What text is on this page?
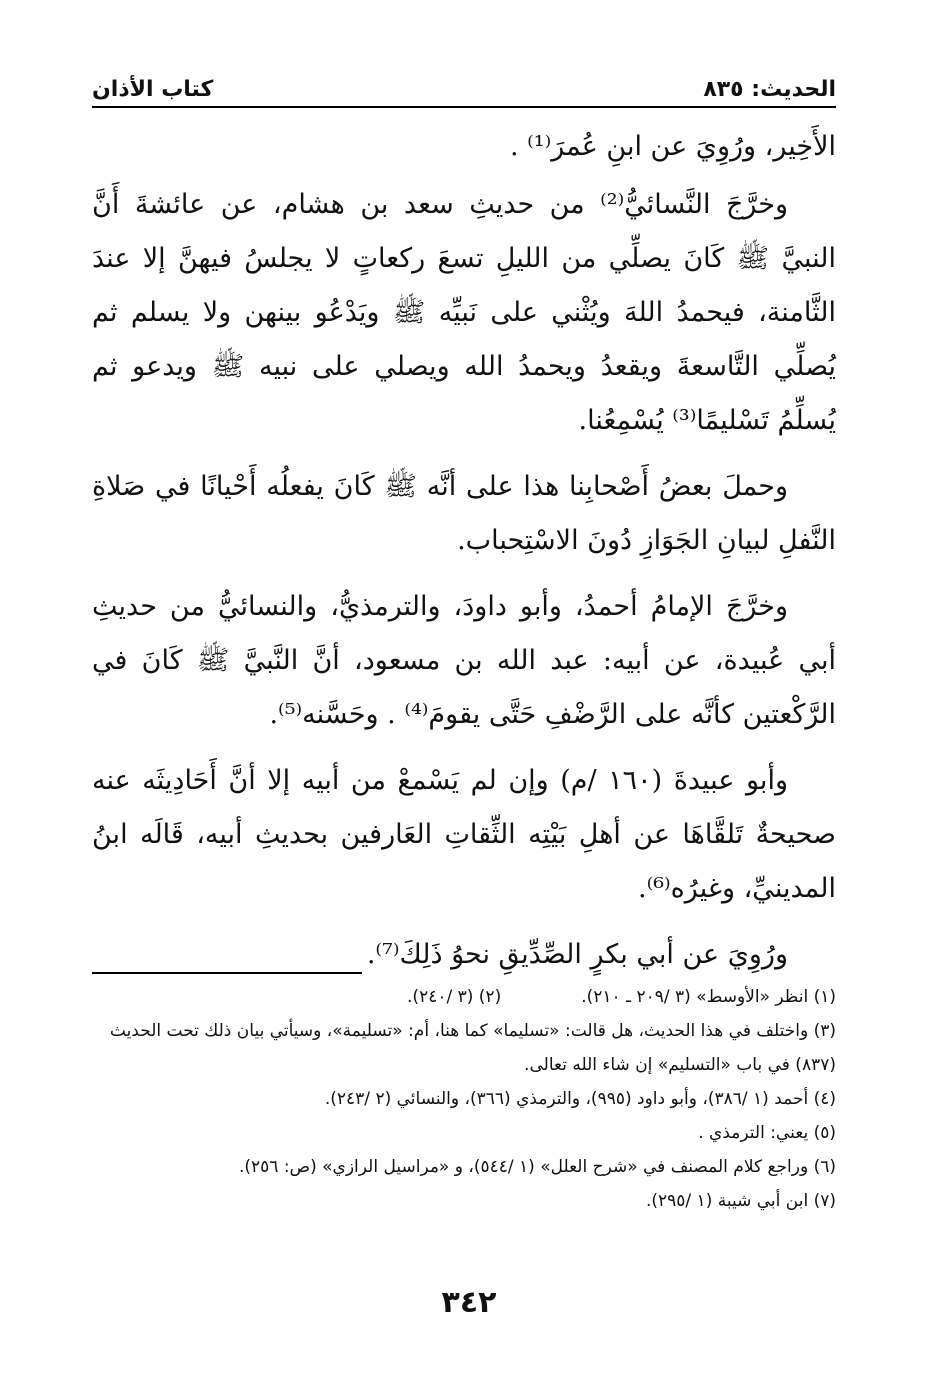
الحديث: ٨٣٥
كتاب الأذان

الأَخِير، ورُوِيَ عن ابنِ عُمرَ⁽¹⁾ .

وخرَّجَ النَّسائيُّ⁽²⁾ من حديثِ سعد بن هشام، عن عائشةَ أَنَّ النبيَّ ﷺ كَانَ يصلِّي من الليلِ تسعَ ركعاتٍ لا يجلسُ فيهنَّ إلا عندَ الثَّامنة، فيحمدُ اللهَ ويُثْني على نَبيِّه ﷺ ويَدْعُو بينهن ولا يسلم ثم يُصلِّي التَّاسعةَ ويقعدُ ويحمدُ الله ويصلي على نبيه ﷺ ويدعو ثم يُسلِّمُ تَسْليمًا⁽³⁾ يُسْمِعُنا.

وحملَ بعضُ أَصْحابِنا هذا على أنَّه ﷺ كَانَ يفعلُه أَحْيانًا في صَلاةِ النَّفلِ لبيانِ الجَوَازِ دُونَ الاسْتِحباب.

وخرَّجَ الإمامُ أحمدُ، وأبو داودَ، والترمذيُّ، والنسائيُّ من حديثِ أبي عُبيدة، عن أبيه: عبد الله بن مسعود، أنَّ النَّبيَّ ﷺ كَانَ في الرَّكْعتين كأنَّه على الرَّضْفِ حَتَّى يقومَ⁽⁴⁾ . وحَسَّنه⁽⁵⁾.

وأبو عبيدةَ (١٦٠ /م) وإن لم يَسْمعْ من أبيه إلا أنَّ أَحَادِيثَه عنه صحيحةٌ تَلقَّاهَا عن أهلِ بَيْتِه الثِّقاتِ العَارفين بحديثِ أبيه، قَالَه ابنُ المدينيِّ، وغيرُه⁽⁶⁾.

ورُوِيَ عن أبي بكرٍ الصِّدِّيقِ نحوُ ذَلِكَ⁽⁷⁾.

(١) انظر «الأوسط» (٣ /٢٠٩ ـ ٢١٠).
(٢) (٣ /٢٤٠).
(٣) واختلف في هذا الحديث، هل قالت: «تسليما» كما هنا، أم: «تسليمة»، وسيأتي بيان ذلك تحت الحديث (٨٣٧) في باب «التسليم» إن شاء الله تعالى.
(٤) أحمد (١ /٣٨٦)، وأبو داود (٩٩٥)، والترمذي (٣٦٦)، والنسائي (٢ /٢٤٣).
(٥) يعني: الترمذي .
(٦) وراجع كلام المصنف في «شرح العلل» (١ /٥٤٤)، و «مراسيل الرازي» (ص: ٢٥٦).
(٧) ابن أبي شيبة (١ /٢٩٥).
٣٤٢
